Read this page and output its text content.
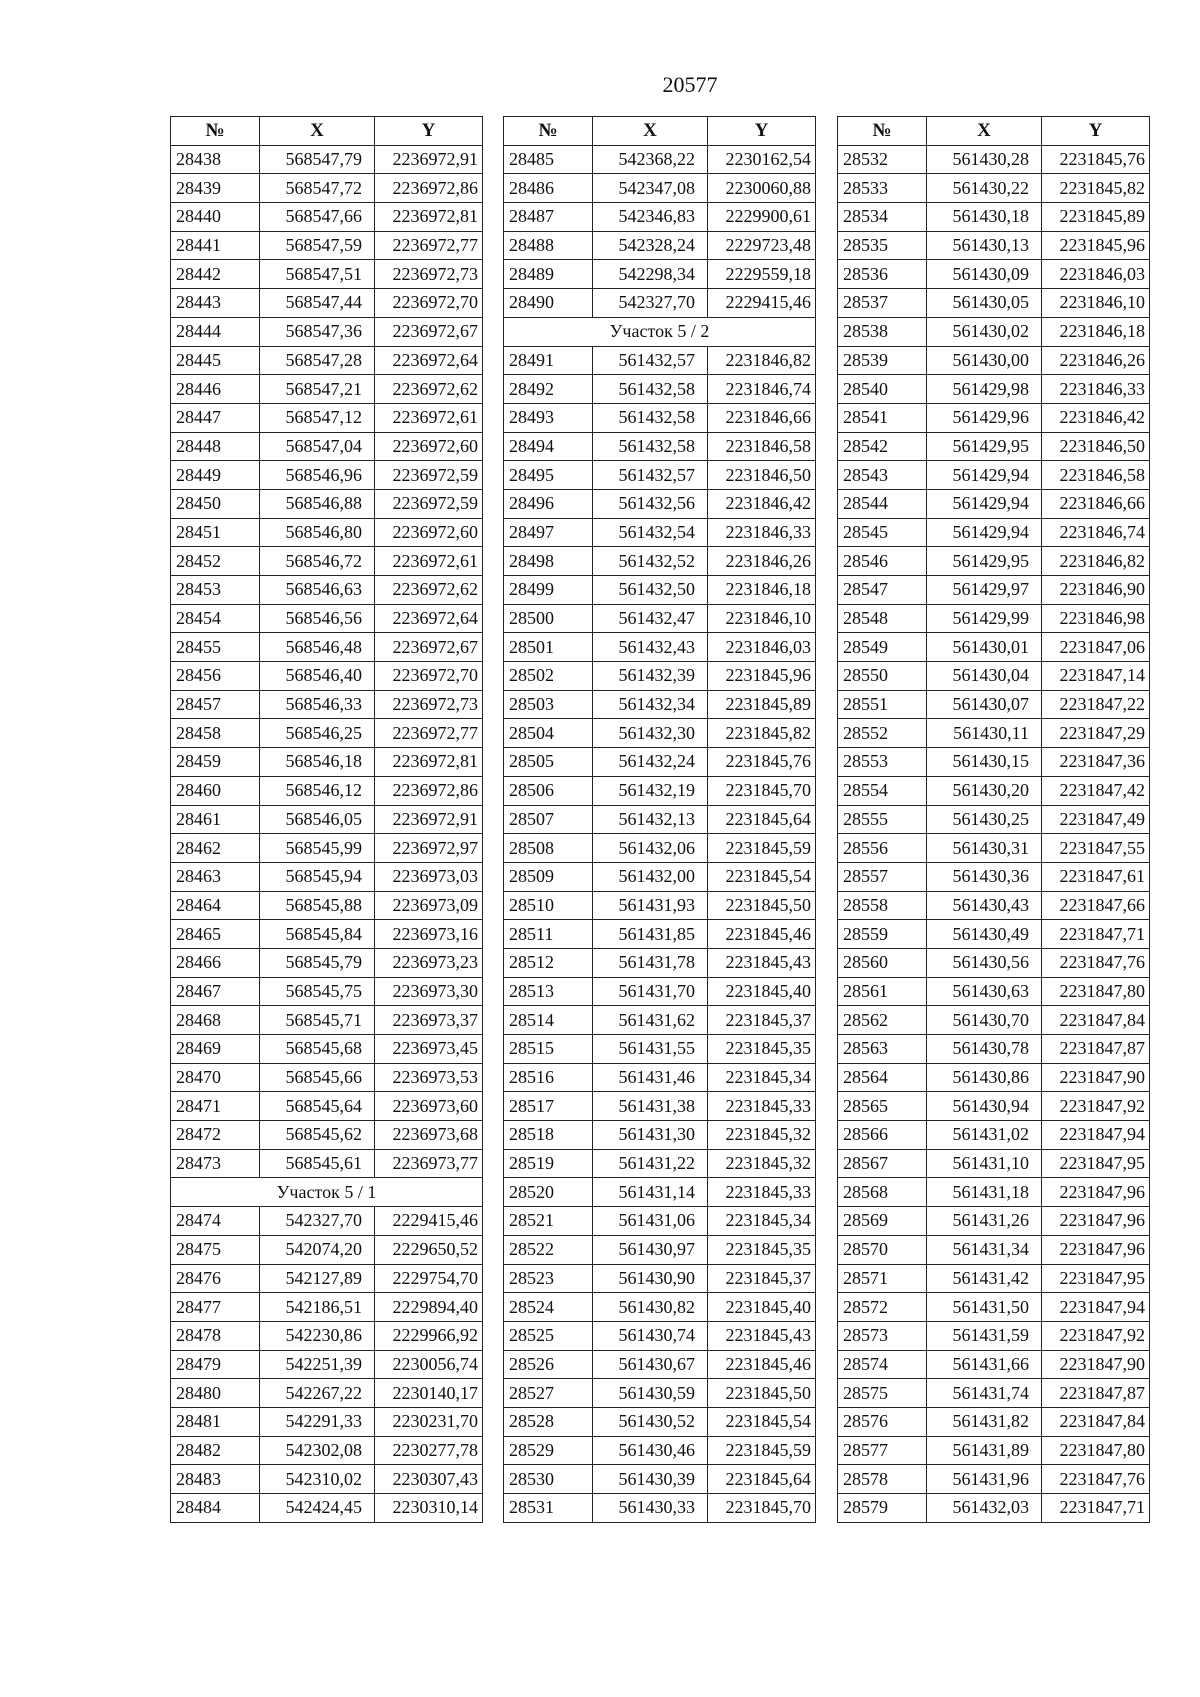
20577
№	X	Y
28438	568547,79	2236972,91
28439	568547,72	2236972,86
28440	568547,66	2236972,81
28441	568547,59	2236972,77
28442	568547,51	2236972,73
28443	568547,44	2236972,70
28444	568547,36	2236972,67
28445	568547,28	2236972,64
28446	568547,21	2236972,62
28447	568547,12	2236972,61
28448	568547,04	2236972,60
28449	568546,96	2236972,59
28450	568546,88	2236972,59
28451	568546,80	2236972,60
28452	568546,72	2236972,61
28453	568546,63	2236972,62
28454	568546,56	2236972,64
28455	568546,48	2236972,67
28456	568546,40	2236972,70
28457	568546,33	2236972,73
28458	568546,25	2236972,77
28459	568546,18	2236972,81
28460	568546,12	2236972,86
28461	568546,05	2236972,91
28462	568545,99	2236972,97
28463	568545,94	2236973,03
28464	568545,88	2236973,09
28465	568545,84	2236973,16
28466	568545,79	2236973,23
28467	568545,75	2236973,30
28468	568545,71	2236973,37
28469	568545,68	2236973,45
28470	568545,66	2236973,53
28471	568545,64	2236973,60
28472	568545,62	2236973,68
28473	568545,61	2236973,77
Участок 5 / 1		
28474	542327,70	2229415,46
28475	542074,20	2229650,52
28476	542127,89	2229754,70
28477	542186,51	2229894,40
28478	542230,86	2229966,92
28479	542251,39	2230056,74
28480	542267,22	2230140,17
28481	542291,33	2230231,70
28482	542302,08	2230277,78
28483	542310,02	2230307,43
28484	542424,45	2230310,14
№	X	Y
28485	542368,22	2230162,54
28486	542347,08	2230060,88
28487	542346,83	2229900,61
28488	542328,24	2229723,48
28489	542298,34	2229559,18
28490	542327,70	2229415,46
Участок 5 / 2		
28491	561432,57	2231846,82
28492	561432,58	2231846,74
28493	561432,58	2231846,66
28494	561432,58	2231846,58
28495	561432,57	2231846,50
28496	561432,56	2231846,42
28497	561432,54	2231846,33
28498	561432,52	2231846,26
28499	561432,50	2231846,18
28500	561432,47	2231846,10
28501	561432,43	2231846,03
28502	561432,39	2231845,96
28503	561432,34	2231845,89
28504	561432,30	2231845,82
28505	561432,24	2231845,76
28506	561432,19	2231845,70
28507	561432,13	2231845,64
28508	561432,06	2231845,59
28509	561432,00	2231845,54
28510	561431,93	2231845,50
28511	561431,85	2231845,46
28512	561431,78	2231845,43
28513	561431,70	2231845,40
28514	561431,62	2231845,37
28515	561431,55	2231845,35
28516	561431,46	2231845,34
28517	561431,38	2231845,33
28518	561431,30	2231845,32
28519	561431,22	2231845,32
28520	561431,14	2231845,33
28521	561431,06	2231845,34
28522	561430,97	2231845,35
28523	561430,90	2231845,37
28524	561430,82	2231845,40
28525	561430,74	2231845,43
28526	561430,67	2231845,46
28527	561430,59	2231845,50
28528	561430,52	2231845,54
28529	561430,46	2231845,59
28530	561430,39	2231845,64
28531	561430,33	2231845,70
№	X	Y
28532	561430,28	2231845,76
28533	561430,22	2231845,82
28534	561430,18	2231845,89
28535	561430,13	2231845,96
28536	561430,09	2231846,03
28537	561430,05	2231846,10
28538	561430,02	2231846,18
28539	561430,00	2231846,26
28540	561429,98	2231846,33
28541	561429,96	2231846,42
28542	561429,95	2231846,50
28543	561429,94	2231846,58
28544	561429,94	2231846,66
28545	561429,94	2231846,74
28546	561429,95	2231846,82
28547	561429,97	2231846,90
28548	561429,99	2231846,98
28549	561430,01	2231847,06
28550	561430,04	2231847,14
28551	561430,07	2231847,22
28552	561430,11	2231847,29
28553	561430,15	2231847,36
28554	561430,20	2231847,42
28555	561430,25	2231847,49
28556	561430,31	2231847,55
28557	561430,36	2231847,61
28558	561430,43	2231847,66
28559	561430,49	2231847,71
28560	561430,56	2231847,76
28561	561430,63	2231847,80
28562	561430,70	2231847,84
28563	561430,78	2231847,87
28564	561430,86	2231847,90
28565	561430,94	2231847,92
28566	561431,02	2231847,94
28567	561431,10	2231847,95
28568	561431,18	2231847,96
28569	561431,26	2231847,96
28570	561431,34	2231847,96
28571	561431,42	2231847,95
28572	561431,50	2231847,94
28573	561431,59	2231847,92
28574	561431,66	2231847,90
28575	561431,74	2231847,87
28576	561431,82	2231847,84
28577	561431,89	2231847,80
28578	561431,96	2231847,76
28579	561432,03	2231847,71
